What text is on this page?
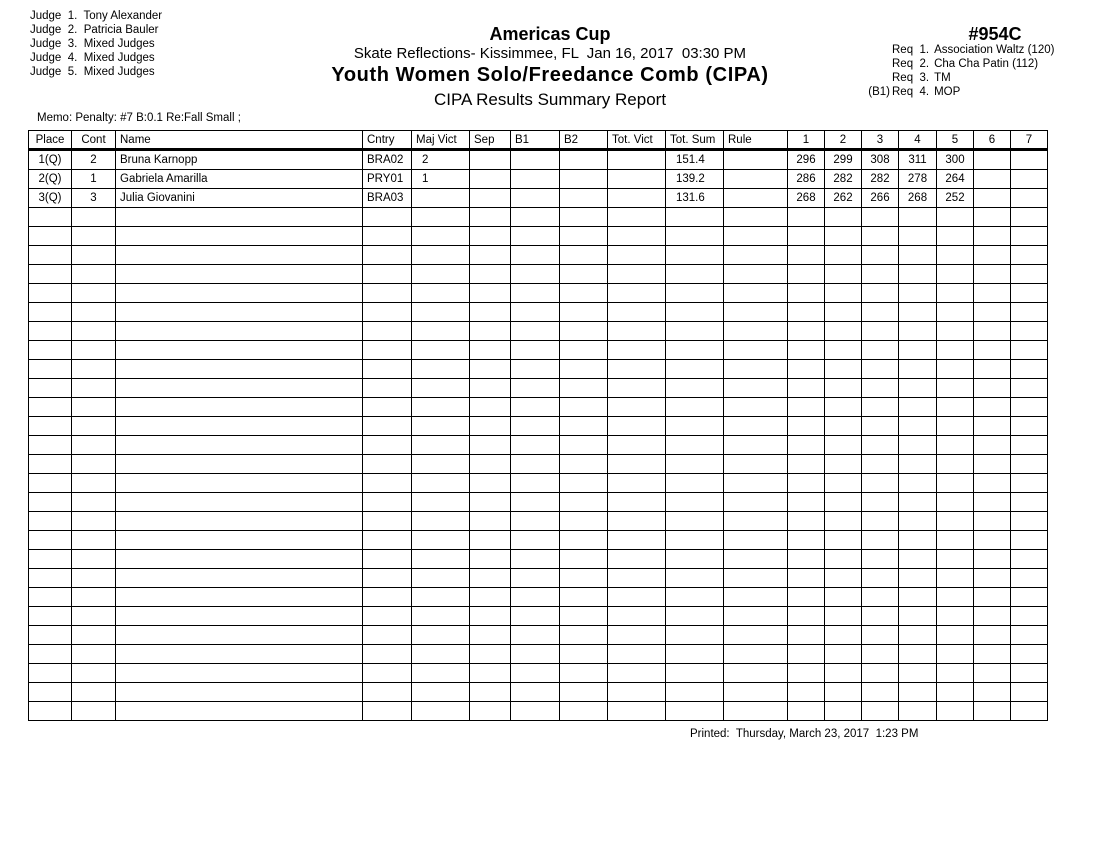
Judge  1.  Tony Alexander
Judge  2.  Patricia Bauler
Judge  3.  Mixed Judges
Judge  4.  Mixed Judges
Judge  5.  Mixed Judges
Americas Cup
Skate Reflections- Kissimmee, FL  Jan 16, 2017  03:30 PM
Youth Women Solo/Freedance Comb (CIPA)
CIPA Results Summary Report
#954C
Req  1. Association Waltz (120)
Req  2. Cha Cha Patin (112)
Req  3. TM
(B1) Req  4. MOP
Memo: Penalty: #7 B:0.1 Re:Fall Small ;
Place	Cont	Name	Cntry	Maj Vict	Sep	B1	B2	Tot. Vict	Tot. Sum	Rule	1	2	3	4	5	6	7
1(Q)	2	Bruna Karnopp	BRA02	2					151.4		296	299	308	311	300		
2(Q)	1	Gabriela Amarilla	PRY01	1					139.2		286	282	282	278	264		
3(Q)	3	Julia Giovanini	BRA03						131.6		268	262	266	268	252		

Printed:  Thursday, March 23, 2017  1:23 PM
